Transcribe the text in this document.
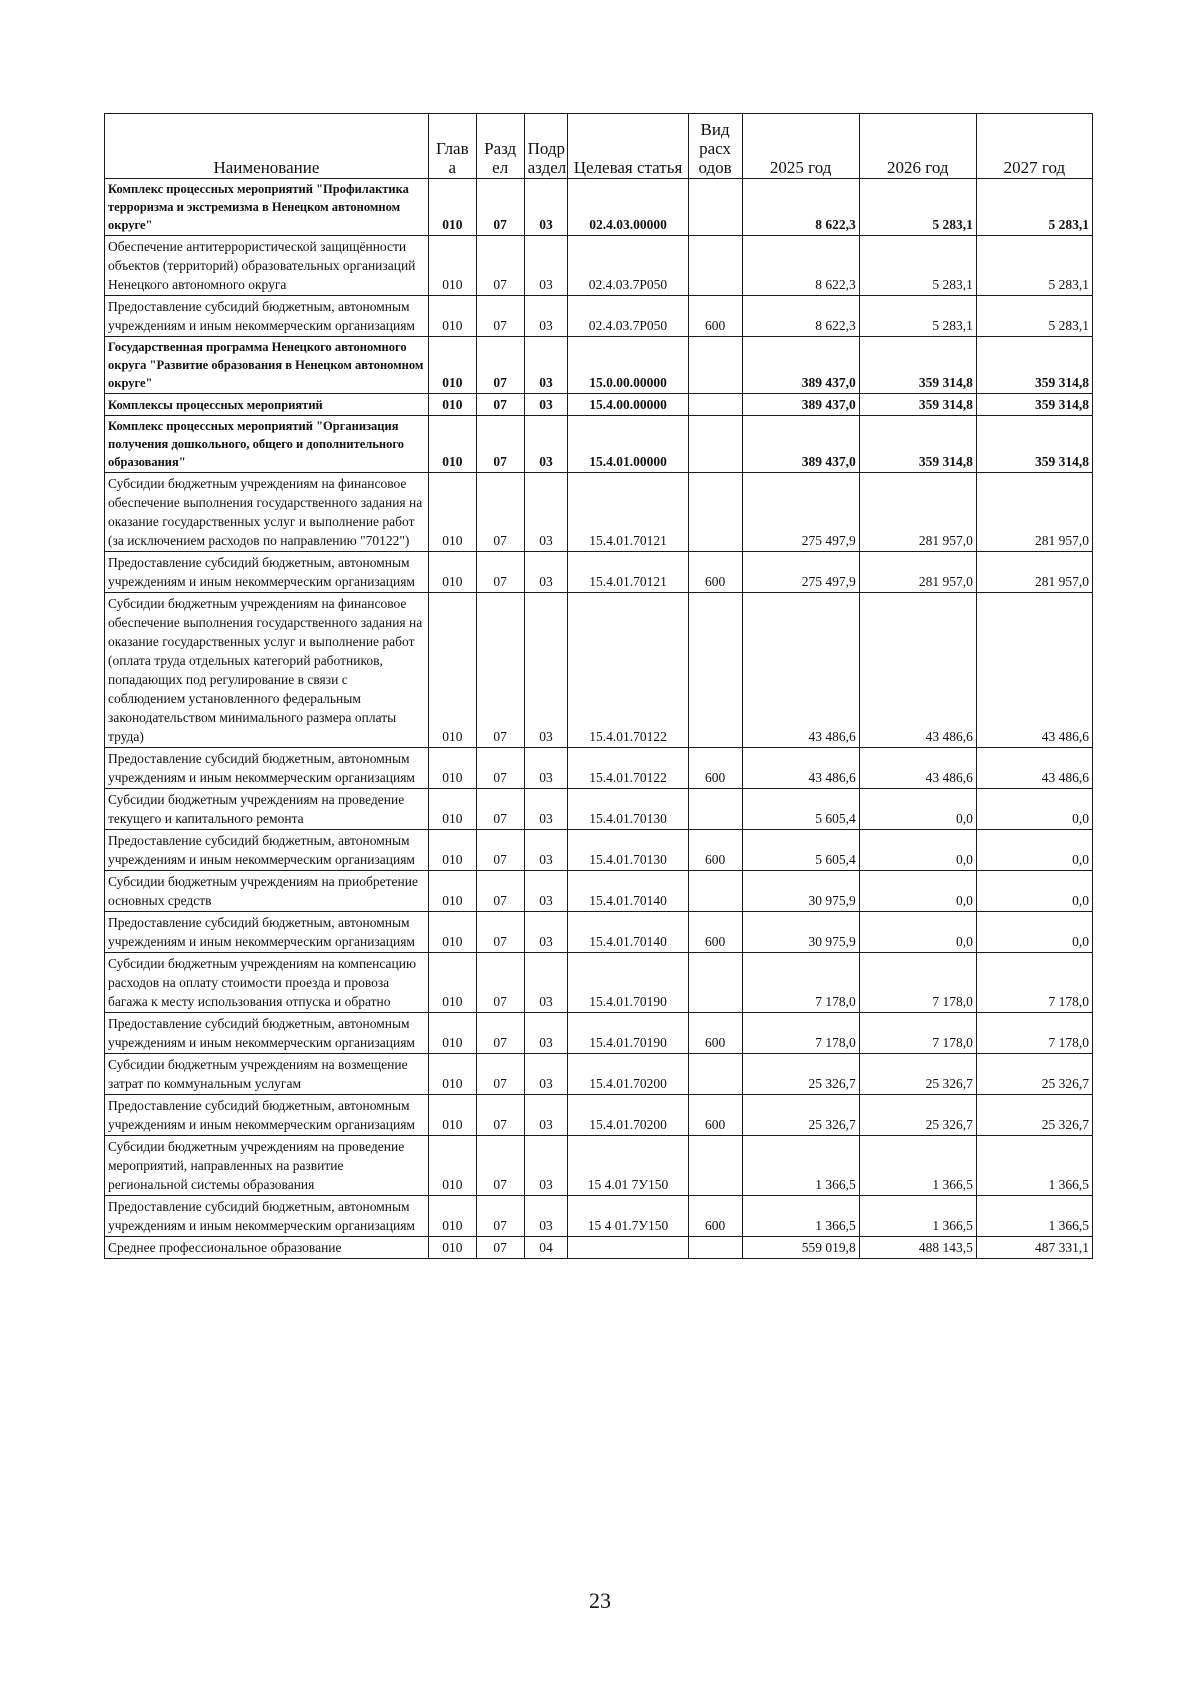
Наименование	Глав а	Разд ел	Подр аздел	Целевая статья	Вид расх одов	2025 год	2026 год	2027 год
Комплекс процессных мероприятий "Профилактика терроризма и экстремизма в Ненецком автономном округе"	010	07	03	02.4.03.00000		8 622,3	5 283,1	5 283,1
Обеспечение антитеррористической защищённости объектов (территорий) образовательных организаций Ненецкого автономного округа	010	07	03	02.4.03.7Р050		8 622,3	5 283,1	5 283,1
Предоставление субсидий бюджетным, автономным учреждениям и иным некоммерческим организациям	010	07	03	02.4.03.7Р050	600	8 622,3	5 283,1	5 283,1
Государственная программа Ненецкого автономного округа "Развитие образования в Ненецком автономном округе"	010	07	03	15.0.00.00000		389 437,0	359 314,8	359 314,8
Комплексы процессных мероприятий	010	07	03	15.4.00.00000		389 437,0	359 314,8	359 314,8
Комплекс процессных мероприятий "Организация получения дошкольного, общего и дополнительного образования"	010	07	03	15.4.01.00000		389 437,0	359 314,8	359 314,8
Субсидии бюджетным учреждениям на финансовое обеспечение выполнения государственного задания на оказание государственных услуг и выполнение работ (за исключением расходов по направлению "70122")	010	07	03	15.4.01.70121		275 497,9	281 957,0	281 957,0
Предоставление субсидий бюджетным, автономным учреждениям и иным некоммерческим организациям	010	07	03	15.4.01.70121	600	275 497,9	281 957,0	281 957,0
Субсидии бюджетным учреждениям на финансовое обеспечение выполнения государственного задания на оказание государственных услуг и выполнение работ (оплата труда отдельных категорий работников, попадающих под регулирование в связи с соблюдением установленного федеральным законодательством минимального размера оплаты труда)	010	07	03	15.4.01.70122		43 486,6	43 486,6	43 486,6
Предоставление субсидий бюджетным, автономным учреждениям и иным некоммерческим организациям	010	07	03	15.4.01.70122	600	43 486,6	43 486,6	43 486,6
Субсидии бюджетным учреждениям на проведение текущего и капитального ремонта	010	07	03	15.4.01.70130		5 605,4	0,0	0,0
Предоставление субсидий бюджетным, автономным учреждениям и иным некоммерческим организациям	010	07	03	15.4.01.70130	600	5 605,4	0,0	0,0
Субсидии бюджетным учреждениям на приобретение основных средств	010	07	03	15.4.01.70140		30 975,9	0,0	0,0
Предоставление субсидий бюджетным, автономным учреждениям и иным некоммерческим организациям	010	07	03	15.4.01.70140	600	30 975,9	0,0	0,0
Субсидии бюджетным учреждениям на компенсацию расходов на оплату стоимости проезда и провоза багажа к месту использования отпуска и обратно	010	07	03	15.4.01.70190		7 178,0	7 178,0	7 178,0
Предоставление субсидий бюджетным, автономным учреждениям и иным некоммерческим организациям	010	07	03	15.4.01.70190	600	7 178,0	7 178,0	7 178,0
Субсидии бюджетным учреждениям на возмещение затрат по коммунальным услугам	010	07	03	15.4.01.70200		25 326,7	25 326,7	25 326,7
Предоставление субсидий бюджетным, автономным учреждениям и иным некоммерческим организациям	010	07	03	15.4.01.70200	600	25 326,7	25 326,7	25 326,7
Субсидии бюджетным учреждениям на проведение мероприятий, направленных на развитие региональной системы образования	010	07	03	15 4.01 7У150		1 366,5	1 366,5	1 366,5
Предоставление субсидий бюджетным, автономным учреждениям и иным некоммерческим организациям	010	07	03	15 4 01.7У150	600	1 366,5	1 366,5	1 366,5
Среднее профессиональное образование	010	07	04			559 019,8	488 143,5	487 331,1
23
